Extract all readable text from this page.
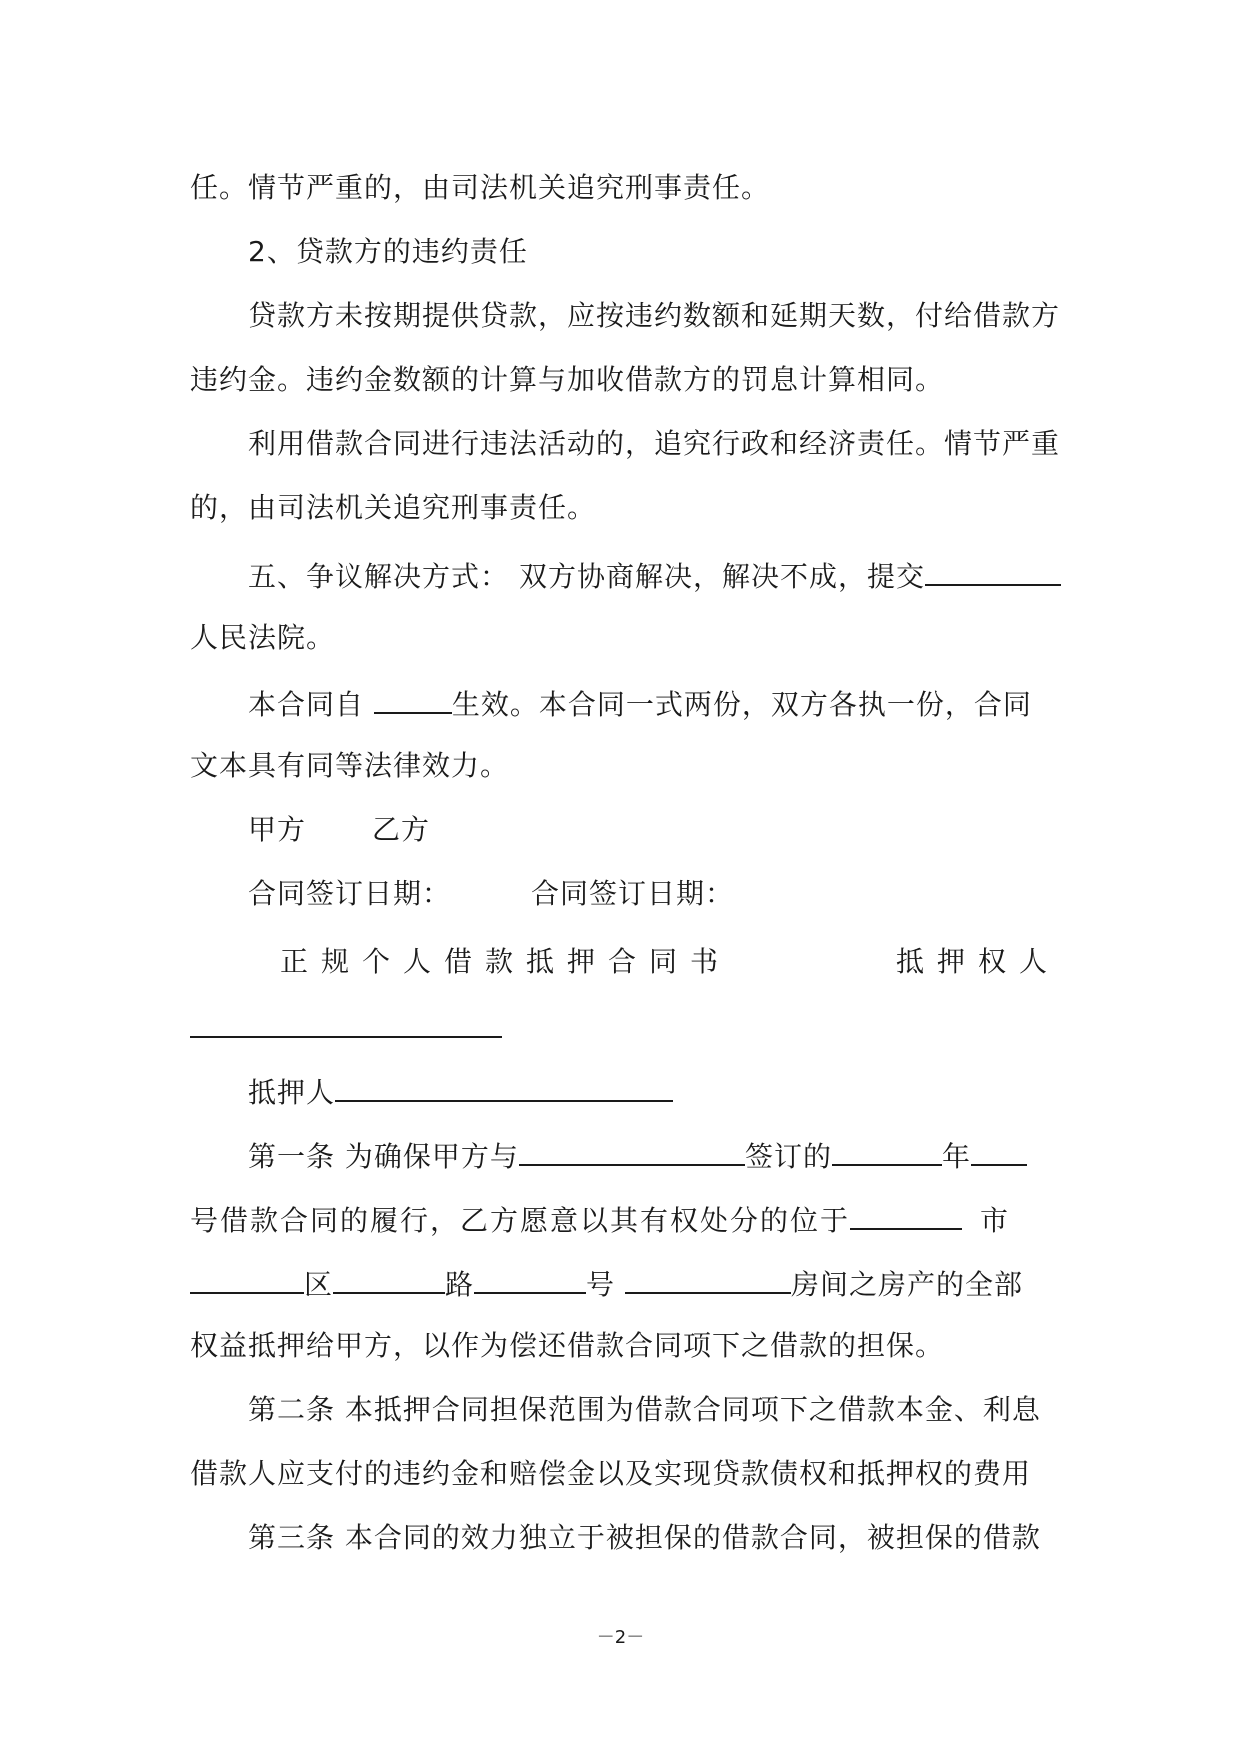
任。情节严重的，由司法机关追究刑事责任。
2、贷款方的违约责任
贷款方未按期提供贷款，应按违约数额和延期天数，付给借款方
违约金。违约金数额的计算与加收借款方的罚息计算相同。
利用借款合同进行违法活动的，追究行政和经济责任。情节严重
的，由司法机关追究刑事责任。
五、争议解决方式： 双方协商解决，解决不成，提交
人民法院。
本合同自	生效。本合同一式两份，双方各执一份，合同
文本具有同等法律效力。
甲方 乙方
合同签订日期：	合同签订日期：
正规个人借款抵押合同书	抵押权人
抵押人
第一条 为确保甲方与	签订的	年
号借款合同的履行，乙方愿意以其有权处分的位于	市
区	路	号	房间之房产的全部
权益抵押给甲方，以作为偿还借款合同项下之借款的担保。
第二条 本抵押合同担保范围为借款合同项下之借款本金、利息
借款人应支付的违约金和赔偿金以及实现贷款债权和抵押权的费用
第三条 本合同的效力独立于被担保的借款合同，被担保的借款
－2－
